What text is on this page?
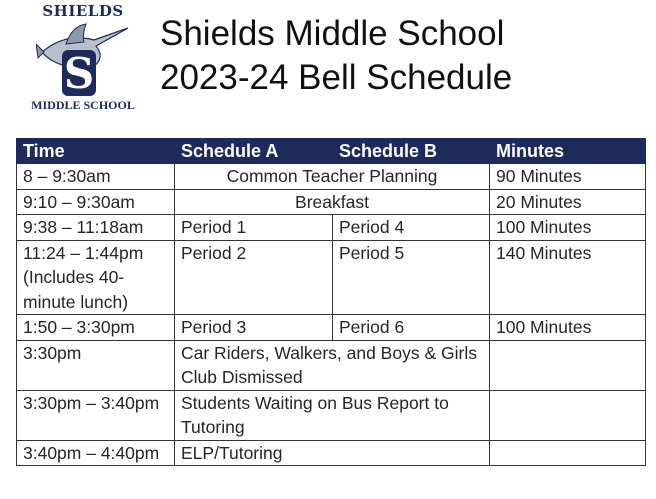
SHIELDS
S
MIDDLE SCHOOL
Shields Middle School
2023-24 Bell Schedule
Time	Schedule A	Schedule B	Minutes
8 – 9:30am	Common Teacher Planning		90 Minutes
9:10 – 9:30am	Breakfast		20 Minutes
9:38 – 11:18am	Period 1	Period 4	100 Minutes
11:24 – 1:44pm (Includes 40-minute lunch)	Period 2	Period 5	140 Minutes
1:50 – 3:30pm	Period 3	Period 6	100 Minutes
3:30pm	Car Riders, Walkers, and Boys & Girls Club Dismissed		
3:30pm – 3:40pm	Students Waiting on Bus Report to Tutoring		
3:40pm – 4:40pm	ELP/Tutoring		
